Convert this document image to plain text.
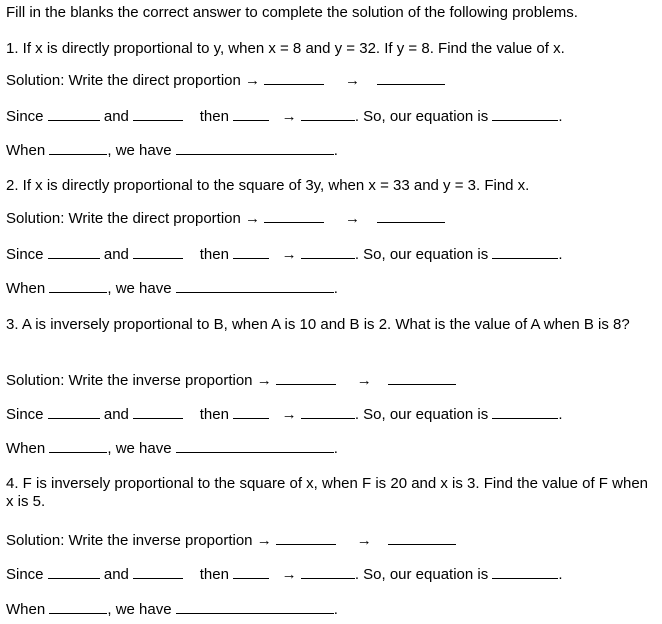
Fill in the blanks the correct answer to complete the solution of the following problems.
1. If x is directly proportional to y, when x = 8 and y = 32. If y = 8. Find the value of x.
Solution: Write the direct proportion →	→
Since	and	then	→	. So, our equation is	.
When	, we have	.
2. If x is directly proportional to the square of 3y, when x = 33 and y = 3. Find x.
Solution: Write the direct proportion →	→
Since	and	then	→	. So, our equation is	.
When	, we have	.
3. A is inversely proportional to B, when A is 10 and B is 2. What is the value of A when B is 8?
Solution: Write the inverse proportion →	→
Since	and	then	→	. So, our equation is	.
When	, we have	.
4. F is inversely proportional to the square of x, when F is 20 and x is 3. Find the value of F when x is 5.
Solution: Write the inverse proportion →	→
Since	and	then	→	. So, our equation is	.
When	, we have	.
